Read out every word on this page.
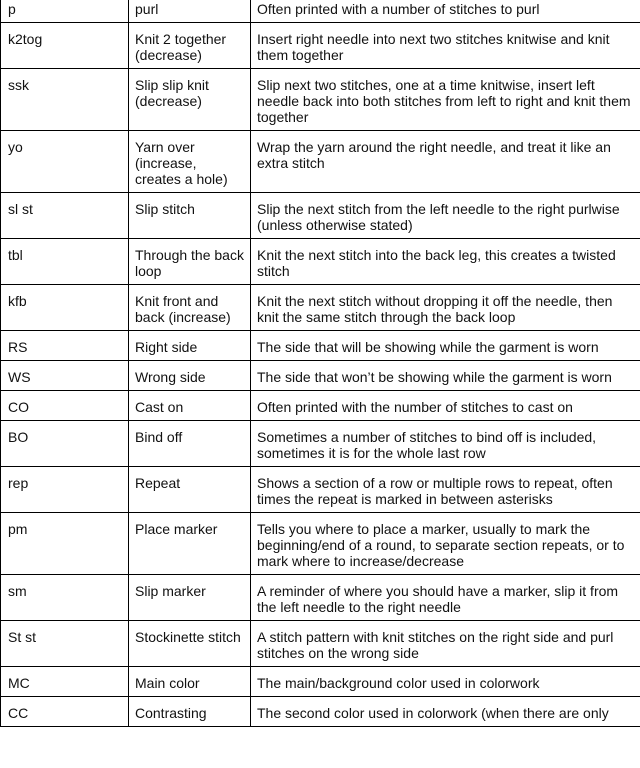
p	purl	Often printed with a number of stitches to purl
k2tog	Knit 2 together (decrease)	Insert right needle into next two stitches knitwise and knit them together
ssk	Slip slip knit (decrease)	Slip next two stitches, one at a time knitwise, insert left needle back into both stitches from left to right and knit them together
yo	Yarn over (increase, creates a hole)	Wrap the yarn around the right needle, and treat it like an extra stitch
sl st	Slip stitch	Slip the next stitch from the left needle to the right purlwise (unless otherwise stated)
tbl	Through the back loop	Knit the next stitch into the back leg, this creates a twisted stitch
kfb	Knit front and back (increase)	Knit the next stitch without dropping it off the needle, then knit the same stitch through the back loop
RS	Right side	The side that will be showing while the garment is worn
WS	Wrong side	The side that won’t be showing while the garment is worn
CO	Cast on	Often printed with the number of stitches to cast on
BO	Bind off	Sometimes a number of stitches to bind off is included, sometimes it is for the whole last row
rep	Repeat	Shows a section of a row or multiple rows to repeat, often times the repeat is marked in between asterisks
pm	Place marker	Tells you where to place a marker, usually to mark the beginning/end of a round, to separate section repeats, or to mark where to increase/decrease
sm	Slip marker	A reminder of where you should have a marker, slip it from the left needle to the right needle
St st	Stockinette stitch	A stitch pattern with knit stitches on the right side and purl stitches on the wrong side
MC	Main color	The main/background color used in colorwork
CC	Contrasting	The second color used in colorwork (when there are only
